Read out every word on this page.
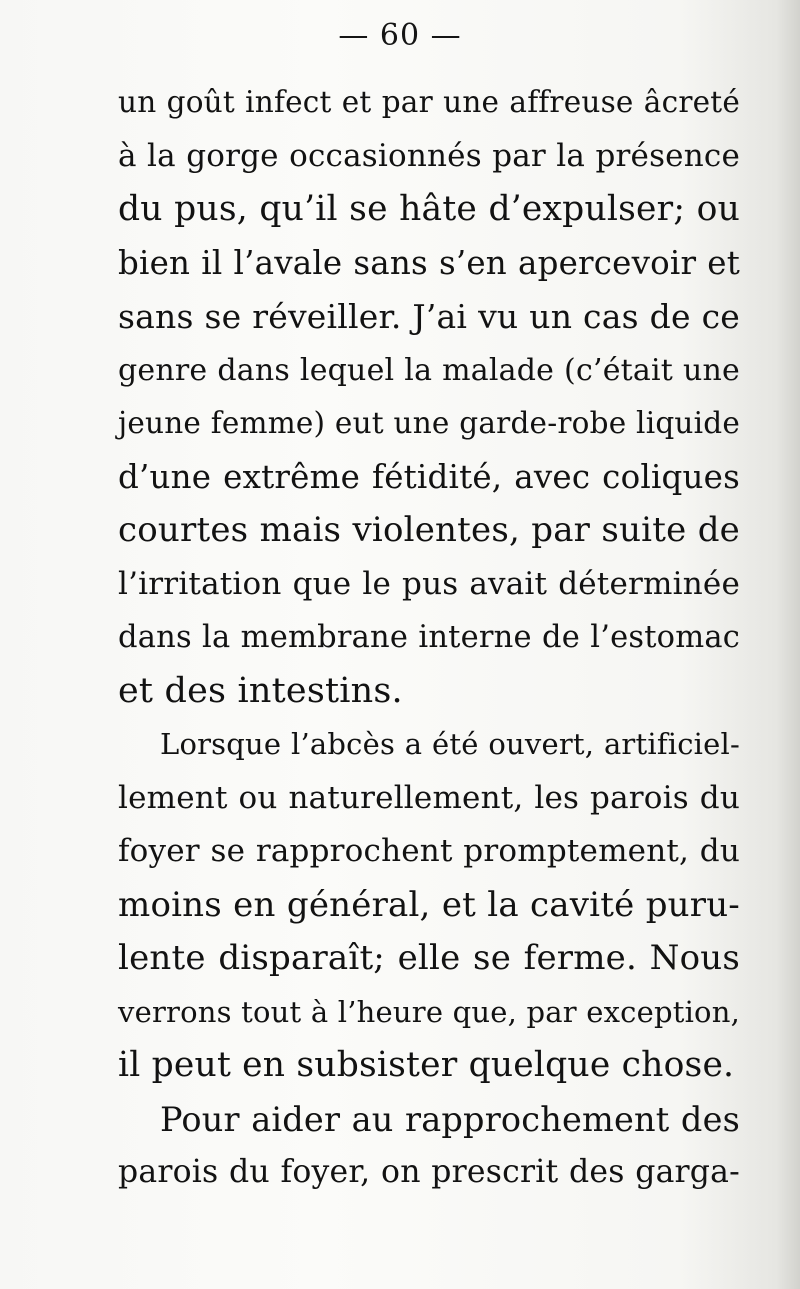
— 60 —
un goût infect et par une affreuse âcreté
à la gorge occasionnés par la présence
du pus, qu’il se hâte d’expulser; ou
bien il l’avale sans s’en apercevoir et
sans se réveiller. J’ai vu un cas de ce
genre dans lequel la malade (c’était une
jeune femme) eut une garde-robe liquide
d’une extrême fétidité, avec coliques
courtes mais violentes, par suite de
l’irritation que le pus avait déterminée
dans la membrane interne de l’estomac
et des intestins.
Lorsque l’abcès a été ouvert, artificiel-
lement ou naturellement, les parois du
foyer se rapprochent promptement, du
moins en général, et la cavité puru-
lente disparaît; elle se ferme. Nous
verrons tout à l’heure que, par exception,
il peut en subsister quelque chose.
Pour aider au rapprochement des
parois du foyer, on prescrit des garga-
